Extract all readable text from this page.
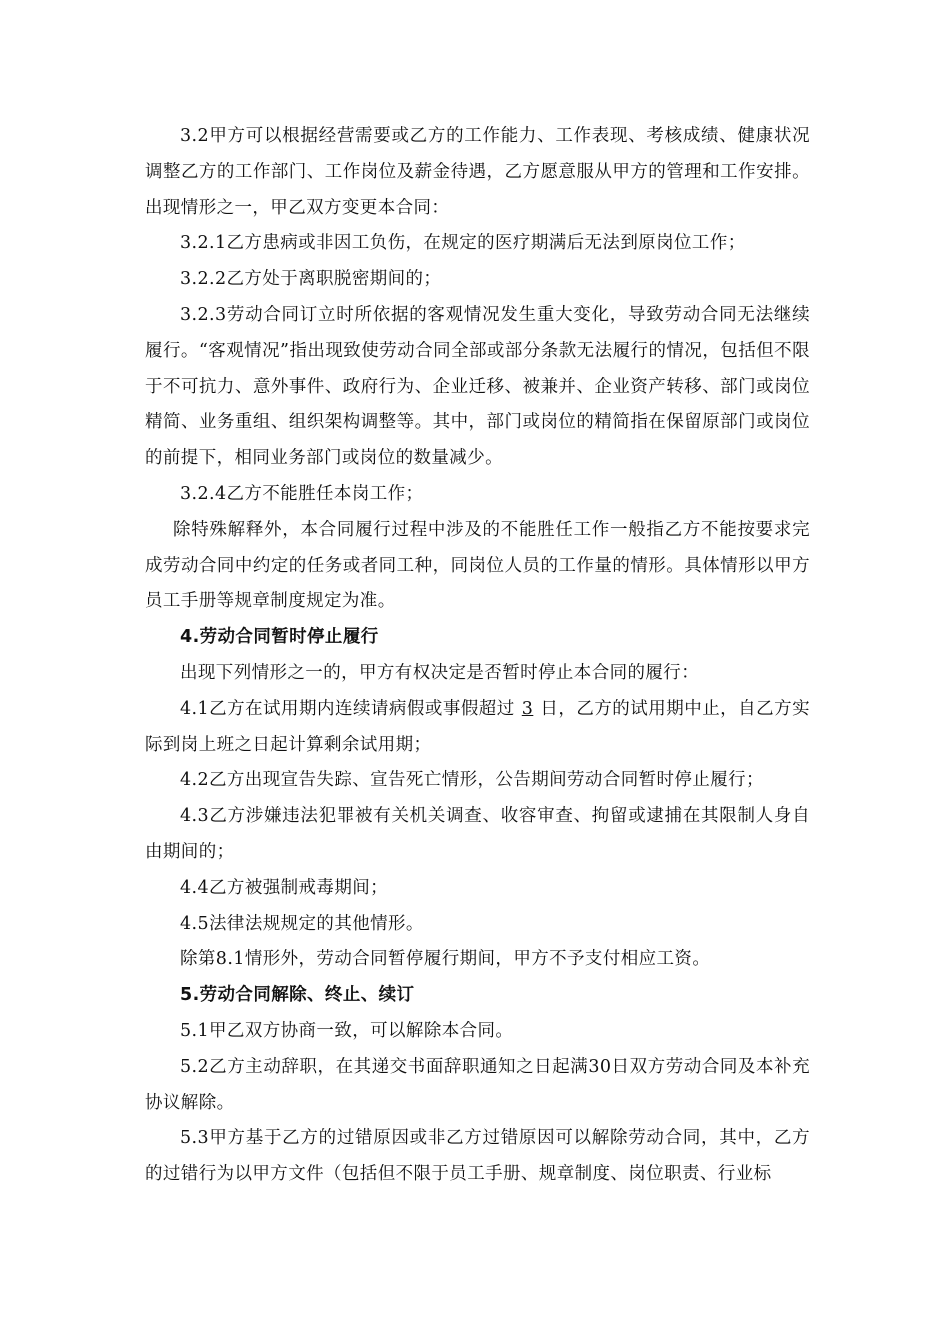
3.2甲方可以根据经营需要或乙方的工作能力、工作表现、考核成绩、健康状况调整乙方的工作部门、工作岗位及薪金待遇，乙方愿意服从甲方的管理和工作安排。出现情形之一，甲乙双方变更本合同：

3.2.1乙方患病或非因工负伤，在规定的医疗期满后无法到原岗位工作；

3.2.2乙方处于离职脱密期间的；

3.2.3劳动合同订立时所依据的客观情况发生重大变化，导致劳动合同无法继续履行。“客观情况”指出现致使劳动合同全部或部分条款无法履行的情况，包括但不限于不可抗力、意外事件、政府行为、企业迁移、被兼并、企业资产转移、部门或岗位精简、业务重组、组织架构调整等。其中，部门或岗位的精简指在保留原部门或岗位的前提下，相同业务部门或岗位的数量减少。

3.2.4乙方不能胜任本岗工作；

除特殊解释外，本合同履行过程中涉及的不能胜任工作一般指乙方不能按要求完成劳动合同中约定的任务或者同工种，同岗位人员的工作量的情形。具体情形以甲方员工手册等规章制度规定为准。

4.劳动合同暂时停止履行

出现下列情形之一的，甲方有权决定是否暂时停止本合同的履行：

4.1乙方在试用期内连续请病假或事假超过 3 日，乙方的试用期中止，自乙方实际到岗上班之日起计算剩余试用期；

4.2乙方出现宣告失踪、宣告死亡情形，公告期间劳动合同暂时停止履行；

4.3乙方涉嫌违法犯罪被有关机关调查、收容审查、拘留或逮捕在其限制人身自由期间的；

4.4乙方被强制戒毒期间；

4.5法律法规规定的其他情形。

除第8.1情形外，劳动合同暂停履行期间，甲方不予支付相应工资。

5.劳动合同解除、终止、续订

5.1甲乙双方协商一致，可以解除本合同。

5.2乙方主动辞职，在其递交书面辞职通知之日起满30日双方劳动合同及本补充协议解除。

5.3甲方基于乙方的过错原因或非乙方过错原因可以解除劳动合同，其中，乙方的过错行为以甲方文件（包括但不限于员工手册、规章制度、岗位职责、行业标
